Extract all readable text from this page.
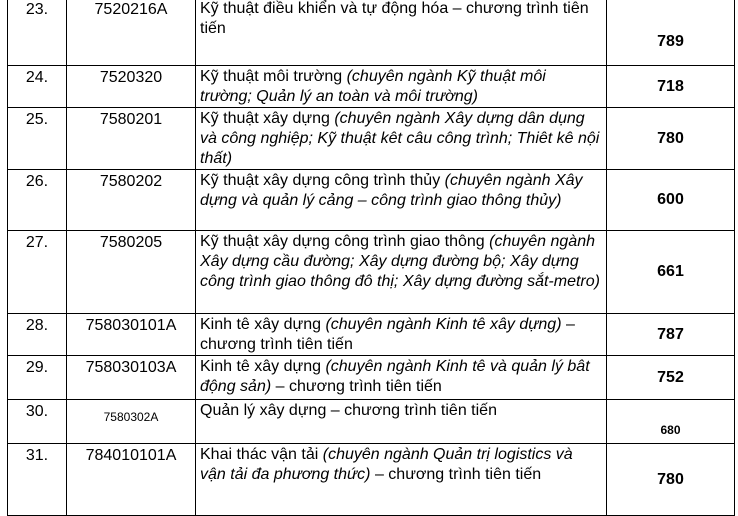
23.	7520216A	Kỹ thuật điều khiển và tự động hóa – chương trình tiên tiến	789
24.	7520320	Kỹ thuật môi trường (chuyên ngành Kỹ thuật môi trường; Quản lý an toàn và môi trường)	718
25.	7580201	Kỹ thuật xây dựng (chuyên ngành Xây dựng dân dụng và công nghiệp; Kỹ thuật kêt câu công trình; Thiêt kê nội thất)	780
26.	7580202	Kỹ thuật xây dựng công trình thủy (chuyên ngành Xây dựng và quản lý cảng – công trình giao thông thủy)	600
27.	7580205	Kỹ thuật xây dựng công trình giao thông (chuyên ngành Xây dựng cầu đường; Xây dựng đường bộ; Xây dựng công trình giao thông đô thị; Xây dựng đường sắt-metro)	661
28.	758030101A	Kinh tê xây dựng (chuyên ngành Kinh tê xây dựng) – chương trình tiên tiến	787
29.	758030103A	Kinh tê xây dựng (chuyên ngành Kinh tê và quản lý bât động sản) – chương trình tiên tiến	752
30.	7580302A	Quản lý xây dựng – chương trình tiên tiến	680
31.	784010101A	Khai thác vận tải (chuyên ngành Quản trị logistics và vận tải đa phương thức) – chương trình tiên tiến	780
